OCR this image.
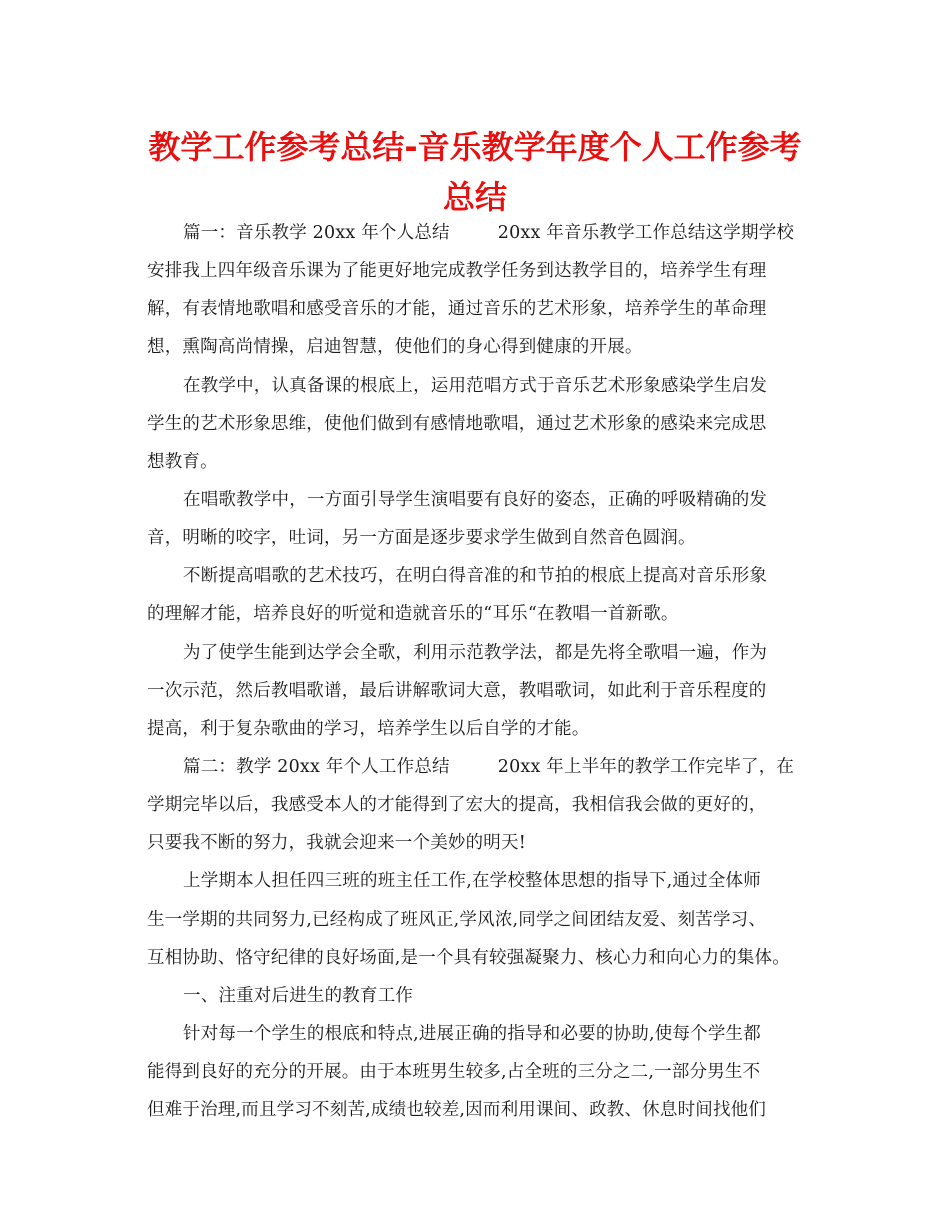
教学工作参考总结-音乐教学年度个人工作参考
总结
篇一：音乐教学 20xx 年个人总结	20xx 年音乐教学工作总结这学期学校
安排我上四年级音乐课为了能更好地完成教学任务到达教学目的，培养学生有理
解，有表情地歌唱和感受音乐的才能，通过音乐的艺术形象，培养学生的革命理
想，熏陶高尚情操，启迪智慧，使他们的身心得到健康的开展。
在教学中，认真备课的根底上，运用范唱方式于音乐艺术形象感染学生启发
学生的艺术形象思维，使他们做到有感情地歌唱，通过艺术形象的感染来完成思
想教育。
在唱歌教学中，一方面引导学生演唱要有良好的姿态，正确的呼吸精确的发
音，明晰的咬字，吐词，另一方面是逐步要求学生做到自然音色圆润。
不断提高唱歌的艺术技巧，在明白得音准的和节拍的根底上提高对音乐形象
的理解才能，培养良好的听觉和造就音乐的“耳乐“在教唱一首新歌。
为了使学生能到达学会全歌，利用示范教学法，都是先将全歌唱一遍，作为
一次示范，然后教唱歌谱，最后讲解歌词大意，教唱歌词，如此利于音乐程度的
提高，利于复杂歌曲的学习，培养学生以后自学的才能。
篇二：教学 20xx 年个人工作总结	20xx 年上半年的教学工作完毕了，在
学期完毕以后，我感受本人的才能得到了宏大的提高，我相信我会做的更好的，
只要我不断的努力，我就会迎来一个美妙的明天!
上学期本人担任四三班的班主任工作,在学校整体思想的指导下,通过全体师
生一学期的共同努力,已经构成了班风正,学风浓,同学之间团结友爱、刻苦学习、
互相协助、恪守纪律的良好场面,是一个具有较强凝聚力、核心力和向心力的集体。
一、注重对后进生的教育工作
针对每一个学生的根底和特点,进展正确的指导和必要的协助,使每个学生都
能得到良好的充分的开展。由于本班男生较多,占全班的三分之二,一部分男生不
但难于治理,而且学习不刻苦,成绩也较差,因而利用课间、政教、休息时间找他们
